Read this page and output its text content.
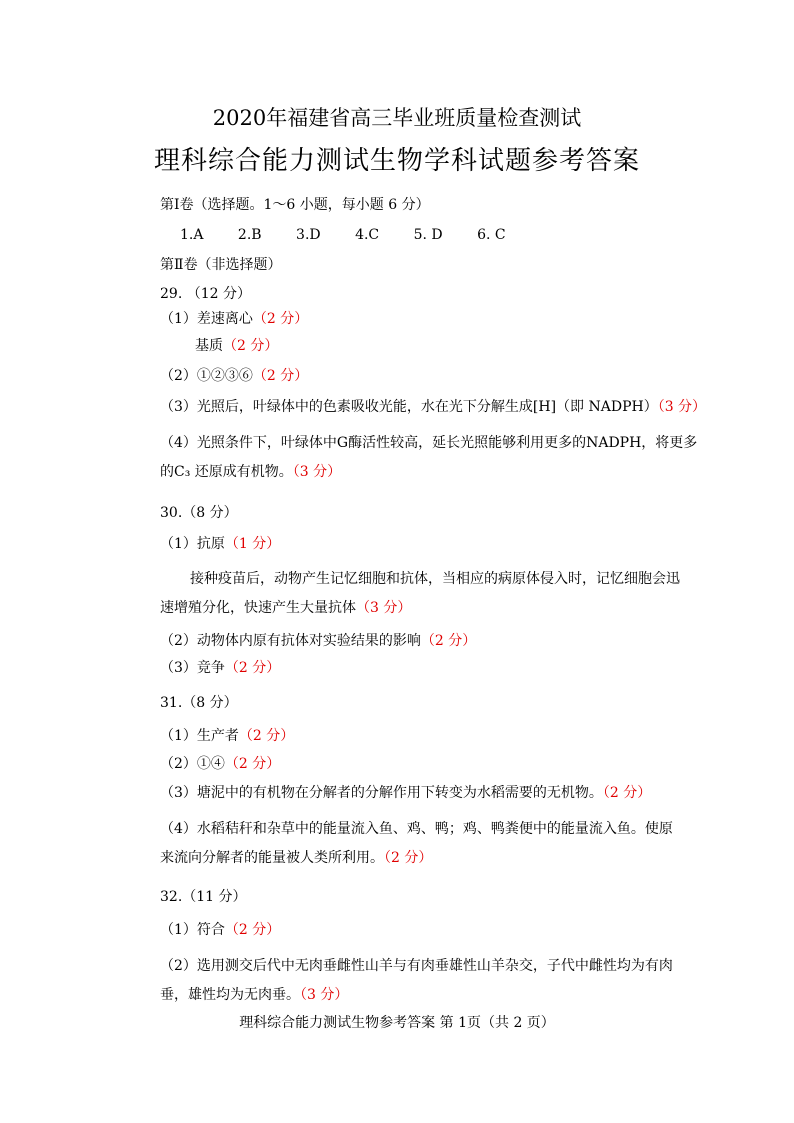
2020年福建省高三毕业班质量检查测试
理科综合能力测试生物学科试题参考答案
第Ⅰ卷（选择题。1～6 小题，每小题 6 分）
1.A 2.B 3.D 4.C 5. D 6. C
第Ⅱ卷（非选择题）
29. （12 分）
（1）差速离心（2 分）
基质（2 分）
（2）①②③⑥（2 分）
（3）光照后，叶绿体中的色素吸收光能，水在光下分解生成[H]（即 NADPH）（3 分）
（4）光照条件下，叶绿体中G酶活性较高，延长光照能够利用更多的NADPH，将更多
的C₃ 还原成有机物。（3 分）
30.（8 分）
（1）抗原（1 分）
接种疫苗后，动物产生记忆细胞和抗体，当相应的病原体侵入时，记忆细胞会迅
速增殖分化，快速产生大量抗体（3 分）
（2）动物体内原有抗体对实验结果的影响（2 分）
（3）竞争（2 分）
31.（8 分）
（1）生产者（2 分）
（2）①④（2 分）
（3）塘泥中的有机物在分解者的分解作用下转变为水稻需要的无机物。（2 分）
（4）水稻秸秆和杂草中的能量流入鱼、鸡、鸭；鸡、鸭粪便中的能量流入鱼。使原
来流向分解者的能量被人类所利用。（2 分）
32.（11 分）
（1）符合（2 分）
（2）选用测交后代中无肉垂雌性山羊与有肉垂雄性山羊杂交，子代中雌性均为有肉
垂，雄性均为无肉垂。（3 分）
理科综合能力测试生物参考答案 第 1页（共 2 页）
